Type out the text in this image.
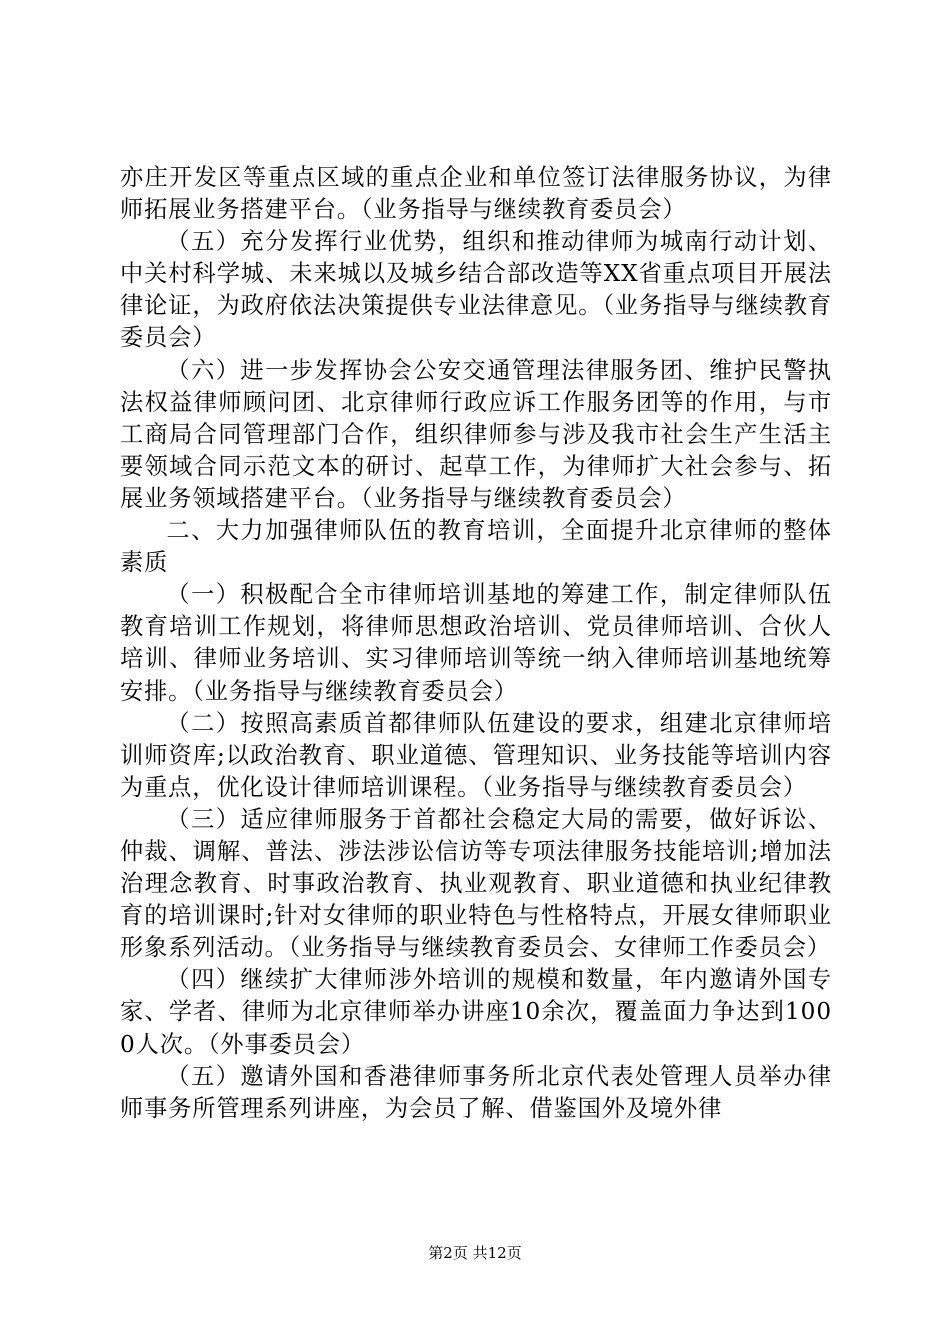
亦庄开发区等重点区域的重点企业和单位签订法律服务协议，为律师拓展业务搭建平台。（业务指导与继续教育委员会）

（五）充分发挥行业优势，组织和推动律师为城南行动计划、中关村科学城、未来城以及城乡结合部改造等XX省重点项目开展法律论证，为政府依法决策提供专业法律意见。（业务指导与继续教育委员会）

（六）进一步发挥协会公安交通管理法律服务团、维护民警执法权益律师顾问团、北京律师行政应诉工作服务团等的作用，与市工商局合同管理部门合作，组织律师参与涉及我市社会生产生活主要领域合同示范文本的研讨、起草工作，为律师扩大社会参与、拓展业务领域搭建平台。（业务指导与继续教育委员会）

二、大力加强律师队伍的教育培训，全面提升北京律师的整体素质

（一）积极配合全市律师培训基地的筹建工作，制定律师队伍教育培训工作规划，将律师思想政治培训、党员律师培训、合伙人培训、律师业务培训、实习律师培训等统一纳入律师培训基地统筹安排。（业务指导与继续教育委员会）

（二）按照高素质首都律师队伍建设的要求，组建北京律师培训师资库;以政治教育、职业道德、管理知识、业务技能等培训内容为重点，优化设计律师培训课程。（业务指导与继续教育委员会）

（三）适应律师服务于首都社会稳定大局的需要，做好诉讼、仲裁、调解、普法、涉法涉讼信访等专项法律服务技能培训;增加法治理念教育、时事政治教育、执业观教育、职业道德和执业纪律教育的培训课时;针对女律师的职业特色与性格特点，开展女律师职业形象系列活动。（业务指导与继续教育委员会、女律师工作委员会）

（四）继续扩大律师涉外培训的规模和数量，年内邀请外国专家、学者、律师为北京律师举办讲座10余次，覆盖面力争达到1000人次。（外事委员会）

（五）邀请外国和香港律师事务所北京代表处管理人员举办律师事务所管理系列讲座，为会员了解、借鉴国外及境外律

第2页 共12页
